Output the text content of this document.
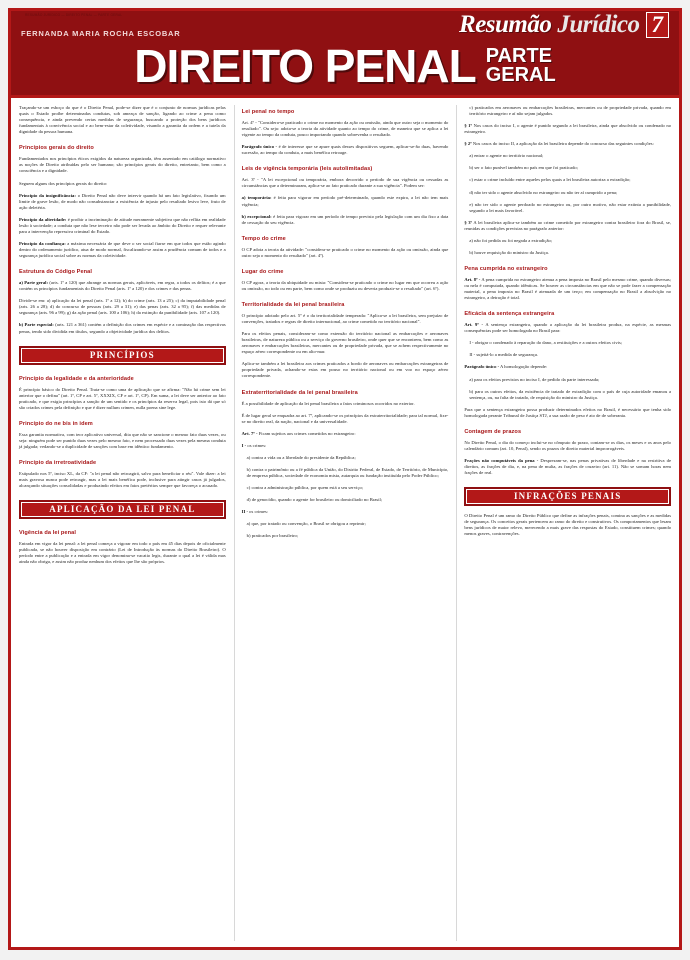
RESUMÃO JURÍDICO — DIREITO PENAL — PARTE GERAL
FERNANDA MARIA ROCHA ESCOBAR	Resumão Jurídico 7
DIREITO PENAL PARTE
GERAL

Traçando-se um esboço do que é o Direito Penal, pode-se dizer que é o conjunto de normas jurídicas pelas quais o Estado proíbe determinadas condutas, sob ameaça de sanção, ligando ao crime a pena como consequência, e ainda prevendo certas medidas de segurança, buscando a proteção dos bens jurídicos fundamentais à convivência social e ao bem-estar da coletividade, visando a garantia da ordem e a tutela da dignidade da pessoa humana.

Princípios gerais do direito

Fundamentados nos princípios éticos exigidos da natureza organizada, têm assentado em catálogo normativo as noções de Direito atribuídas pelo ser humano; são princípios gerais do direito, entretanto, bem como a consciência e a dignidade.

Seguem alguns dos princípios gerais do direito:

Princípio da insignificância: o Direito Penal não deve intervir quando há um fato legislativo, fixando um limite de grave lesão, de modo não consubstanciar a existência de injusto pelo resultado lesivo leve, fruto de ação deletéria.

Princípio da alteridade: é proibir a incriminação de atitude meramente subjetiva que não reflita em realidade lesão à sociedade; a conduta que não lese terceiro não pode ser levada ao âmbito do Direito e requer relevante para a intervenção repressiva criminal do Estado.

Princípio da confiança: a máxima necessária de que deve o ser social fiarse em que todos que estão agindo dentro do ordenamento jurídico, atua de modo normal, fiscalizando-se assim a prudência comum de todos e a segurança jurídica social sobre as normas da coletividade.

Estrutura do Código Penal

a) Parte geral: (arts. 1º a 120) que abrange as normas gerais, aplicáveis, em regra, a todos os delitos; é a que contém os princípios fundamentais do Direito Penal (arts. 1º a 120) e dos crimes e das penas.

Divide-se em: a) aplicação da lei penal (arts. 1º a 12); b) do crime (arts. 13 a 25); c) da imputabilidade penal (arts. 26 a 28); d) do concurso de pessoas (arts. 29 a 31); e) das penas (arts. 32 a 95); f) das medidas de segurança (arts. 96 a 99); g) da ação penal (arts. 100 a 106); h) da extinção da punibilidade (arts. 107 a 120).

b) Parte especial: (arts. 121 a 361) contém a definição dos crimes em espécie e a cominação das respectivas penas, tendo sido dividida em títulos, segundo a objetividade jurídica dos delitos.

PRINCÍPIOS
Princípio da legalidade e da anterioridade

É princípio básico do Direito Penal. Trata-se como uma de aplicação que se afirma: "Não há crime sem lei anterior que o defina" (art. 1º, CP e art. 5º, XXXIX, CF e art. 1º, CP). Em suma, a lei deve ser anterior ao fato praticado, e que exigia princípios a sanção de um sentido e os princípios da reserva legal, pois isto dá que só são criados crimes pela definição e que é dizer nullum crimen, nulla poena sine lege.

Princípio do ne bis in idem

Essa garantia normativa, com teor aplicativo universal, dita que não se sancione o mesmo fato duas vezes, ou seja: ninguém pode ser punido duas vezes pelo mesmo fato, e nem processado duas vezes pela mesma conduta já julgada; vedando-se a duplicidade de sanções com base em idêntico fundamento.

Princípio da irretroatividade

Estipulado nos 5º, inciso XL, da CF: "a lei penal não retroagirá, salvo para beneficiar o réu". Vale dizer: a lei mais gravosa nunca pode retroagir, mas a lei mais benéfica pode, inclusive para atingir casos já julgados, alcançando situações consolidadas e produzindo efeitos em fatos pretéritos sempre que favoreça o acusado.

APLICAÇÃO DA LEI PENAL
Vigência da lei penal

Entrada em vigor da lei penal: a lei penal começa a vigorar em todo o país em 45 dias depois de oficialmente publicada, se não houver disposição em contrário (Lei de Introdução às normas do Direito Brasileiro). O período entre a publicação e a entrada em vigor denomina-se vacatio legis, durante o qual a lei é válida mas ainda não obriga, e assim não produz nenhum dos efeitos que lhe são próprios.

Lei penal no tempo

Art. 4º - "Considera-se praticado o crime no momento da ação ou omissão, ainda que outro seja o momento do resultado". Ou seja: adota-se a teoria da atividade quanto ao tempo do crime, de maneira que se aplica a lei vigente ao tempo da conduta, pouco importando quando sobrevenha o resultado.

Parágrafo único - é de interesse que se apure quais desses dispositivos seguem, aplicar-se-ão duas, havendo sucessão, ao tempo da conduta, a mais benéfica retroage.

Leis de vigência temporária (leis autolimitadas)

Art. 3º - "A lei excepcional ou temporária, embora decorrido o período de sua vigência ou cessadas as circunstâncias que a determinaram, aplica-se ao fato praticado durante a sua vigência". Podem ser:

a) temporária: é feita para vigorar em período pré-determinado, quando este expira, a lei não tem mais vigência;

b) excepcional: é feita para vigorar em um período de tempo previsto pela legislação com um dia fixo a data de cessação do seu vigência.

Tempo do crime

O CP adota a teoria da atividade: "considera-se praticado o crime no momento da ação ou omissão, ainda que outro seja o momento do resultado" (art. 4º).

Lugar do crime

O CP agora, a teoria da ubiquidade ou mista: "Considera-se praticado o crime no lugar em que ocorreu a ação ou omissão, no todo ou em parte, bem como onde se produziu ou deveria produzir-se o resultado" (art. 6º).

Territorialidade da lei penal brasileira

O princípio adotado pelo art. 5º é o da territorialidade temperada: "Aplica-se a lei brasileira, sem prejuízo de convenções, tratados e regras de direito internacional, ao crime cometido no território nacional".

Para os efeitos penais, consideram-se como extensão do território nacional as embarcações e aeronaves brasileiras, de natureza pública ou a serviço do governo brasileiro, onde quer que se encontrem, bem como as aeronaves e embarcações brasileiras, mercantes ou de propriedade privada, que se achem respectivamente no espaço aéreo correspondente ou em alto-mar.

Aplica-se também a lei brasileira aos crimes praticados a bordo de aeronaves ou embarcações estrangeiras de propriedade privada, achando-se estas em pouso no território nacional ou em voo no espaço aéreo correspondente.

Extraterritorialidade da lei penal brasileira

É a possibilidade de aplicação da lei penal brasileira a fatos criminosos ocorridos no exterior.

É de lugar geral se enquadra ao art. 7º, aplicando-se os princípios da extraterritorialidade; para tal normal, fixe-se no direito real, da nação, nacional e da universalidade.

Art. 7º - Ficam sujeitos aos crimes cometidos no estrangeiro:

I - os crimes:

a) contra a vida ou a liberdade do presidente da República;

b) contra o patrimônio ou a fé pública da União, do Distrito Federal, de Estado, de Território, de Município, de empresa pública, sociedade de economia mista, autarquia ou fundação instituída pelo Poder Público;

c) contra a administração pública, por quem está a seu serviço;

d) de genocídio, quando o agente for brasileiro ou domiciliado no Brasil;

II - os crimes:

a) que, por tratado ou convenção, o Brasil se obrigou a reprimir;

b) praticados por brasileiro;

c) praticados em aeronaves ou embarcações brasileiras, mercantes ou de propriedade privada, quando em território estrangeiro e aí não sejam julgados.

§ 1º Nos casos do inciso I, o agente é punido segundo a lei brasileira, ainda que absolvido ou condenado no estrangeiro.

§ 2º Nos casos do inciso II, a aplicação da lei brasileira depende do concurso das seguintes condições:

a) entrar o agente no território nacional;

b) ser o fato punível também no país em que foi praticado;

c) estar o crime incluído entre aqueles pelos quais a lei brasileira autoriza a extradição;

d) não ter sido o agente absolvido no estrangeiro ou não ter aí cumprido a pena;

e) não ter sido o agente perdoado no estrangeiro ou, por outro motivo, não estar extinta a punibilidade, segundo a lei mais favorável.

§ 3º A lei brasileira aplica-se também ao crime cometido por estrangeiro contra brasileiro fora do Brasil, se, reunidas as condições previstas no parágrafo anterior:

a) não foi pedida ou foi negada a extradição;

b) houve requisição do ministro da Justiça.

Pena cumprida no estrangeiro

Art. 8º - A pena cumprida no estrangeiro atenua a pena imposta no Brasil pelo mesmo crime, quando diversas; ou nela é computada, quando idênticas. Se houver as circunstâncias em que não se pode fazer a compensação material, a pena imposta no Brasil é atenuada de um terço; em compensação no Brasil a absolvição no estrangeiro, a detração é total.

Eficácia da sentença estrangeira

Art. 9º - A sentença estrangeira, quando a aplicação da lei brasileira produz, na espécie, as mesmas consequências pode ser homologada no Brasil para:

I - obrigar o condenado à reparação do dano, a restituições e a outros efeitos civis;

II - sujeitá-lo a medida de segurança.

Parágrafo único - A homologação depende:

a) para os efeitos previstos no inciso I, de pedido da parte interessada;

b) para os outros efeitos, da existência de tratado de extradição com o país de cuja autoridade emanou a sentença, ou, na falta de tratado, de requisição do ministro da Justiça.

Para que a sentença estrangeira possa produzir determinados efeitos no Brasil, é necessário que tenha sido homologada perante Tribunal de Justiça STJ, a sua razão de peso é ato de de soberania.

Contagem de prazos

No Direito Penal, o dia do começo inclui-se no cômputo do prazo, contam-se os dias, os meses e os anos pelo calendário comum (art. 10, Penal), sendo os prazos de direito material improrrogáveis.

Frações não computáveis da pena - Desprezam-se, nas penas privativas de liberdade e na restritiva de direitos, as frações de dia, e, na pena de multa, as frações de cruzeiro (art. 11). Não se somam horas nem frações de real.

INFRAÇÕES PENAIS

O Direito Penal é um ramo do Direito Público que define as infrações penais, comina as sanções e as medidas de segurança. Os conceitos gerais pertencem ao ramo do direito e construtivos. Os comportamentos que lesam bens jurídicos de maior relevo, merecendo a mais grave das respostas do Estado, constituem crimes; quando menos graves, contravenções.
